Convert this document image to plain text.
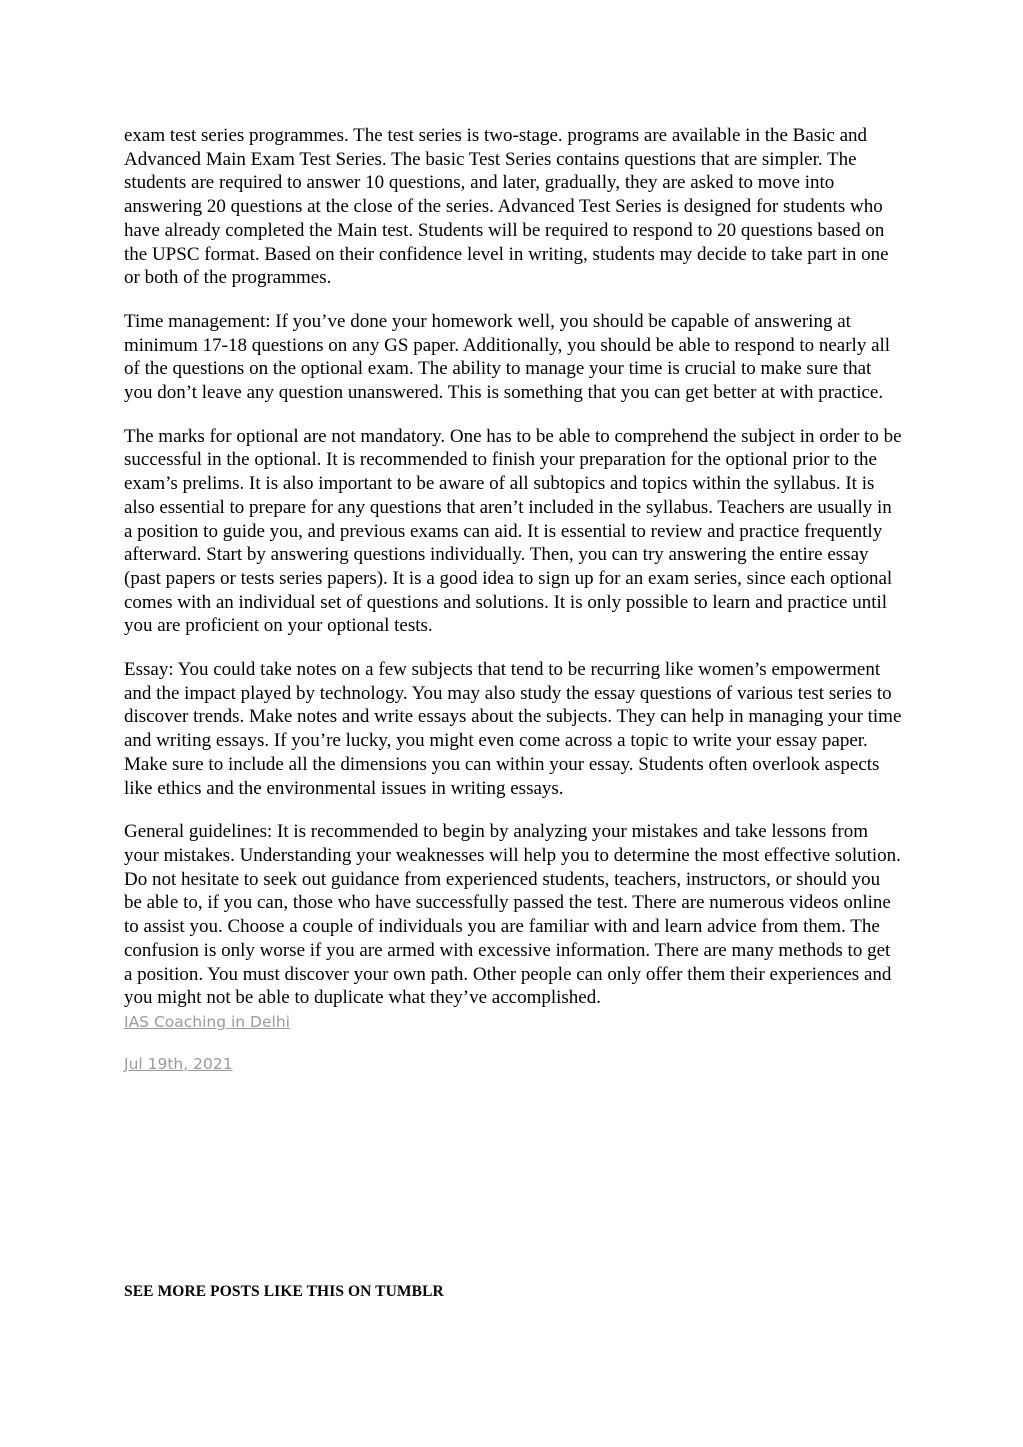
exam test series programmes. The test series is two-stage. programs are available in the Basic and Advanced Main Exam Test Series. The basic Test Series contains questions that are simpler. The students are required to answer 10 questions, and later, gradually, they are asked to move into answering 20 questions at the close of the series. Advanced Test Series is designed for students who have already completed the Main test. Students will be required to respond to 20 questions based on the UPSC format. Based on their confidence level in writing, students may decide to take part in one or both of the programmes.

Time management: If you’ve done your homework well, you should be capable of answering at minimum 17-18 questions on any GS paper. Additionally, you should be able to respond to nearly all of the questions on the optional exam. The ability to manage your time is crucial to make sure that you don’t leave any question unanswered. This is something that you can get better at with practice.

The marks for optional are not mandatory. One has to be able to comprehend the subject in order to be successful in the optional. It is recommended to finish your preparation for the optional prior to the exam’s prelims. It is also important to be aware of all subtopics and topics within the syllabus. It is also essential to prepare for any questions that aren’t included in the syllabus. Teachers are usually in a position to guide you, and previous exams can aid. It is essential to review and practice frequently afterward. Start by answering questions individually. Then, you can try answering the entire essay (past papers or tests series papers). It is a good idea to sign up for an exam series, since each optional comes with an individual set of questions and solutions. It is only possible to learn and practice until you are proficient on your optional tests.

Essay: You could take notes on a few subjects that tend to be recurring like women’s empowerment and the impact played by technology. You may also study the essay questions of various test series to discover trends. Make notes and write essays about the subjects. They can help in managing your time and writing essays. If you’re lucky, you might even come across a topic to write your essay paper. Make sure to include all the dimensions you can within your essay. Students often overlook aspects like ethics and the environmental issues in writing essays.

General guidelines: It is recommended to begin by analyzing your mistakes and take lessons from your mistakes. Understanding your weaknesses will help you to determine the most effective solution. Do not hesitate to seek out guidance from experienced students, teachers, instructors, or should you be able to, if you can, those who have successfully passed the test. There are numerous videos online to assist you. Choose a couple of individuals you are familiar with and learn advice from them. The confusion is only worse if you are armed with excessive information. There are many methods to get a position. You must discover your own path. Other people can only offer them their experiences and you might not be able to duplicate what they’ve accomplished.

IAS Coaching in Delhi
Jul 19th, 2021
SEE MORE POSTS LIKE THIS ON TUMBLR
